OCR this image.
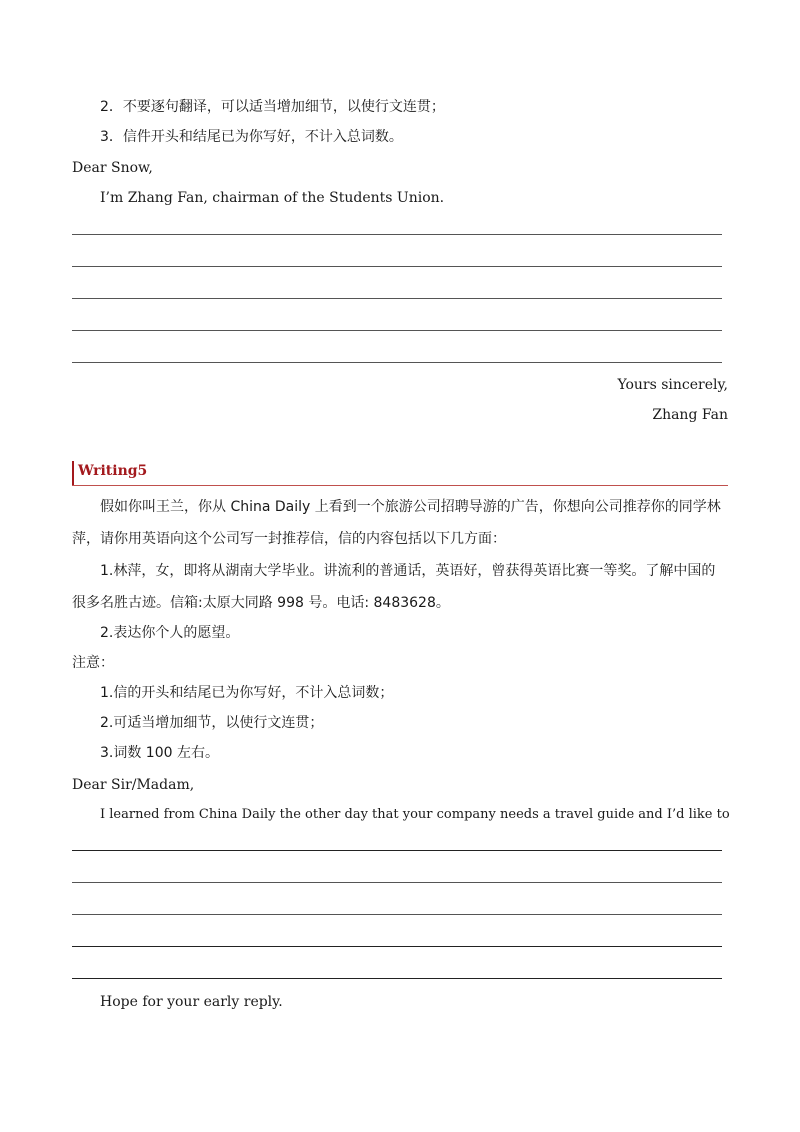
2．不要逐句翻译，可以适当增加细节，以使行文连贯；
3．信件开头和结尾已为你写好，不计入总词数。
Dear Snow,
I’m Zhang Fan, chairman of the Students Union.
Yours sincerely,
Zhang Fan
Writing5
假如你叫王兰，你从 China Daily 上看到一个旅游公司招聘导游的广告，你想向公司推荐你的同学林
萍，请你用英语向这个公司写一封推荐信，信的内容包括以下几方面：
1.林萍，女，即将从湖南大学毕业。讲流利的普通话，英语好，曾获得英语比赛一等奖。了解中国的
很多名胜古迹。信箱:太原大同路 998 号。电话: 8483628。
2.表达你个人的愿望。
注意：
1.信的开头和结尾已为你写好，不计入总词数；
2.可适当增加细节，以使行文连贯；
3.词数 100 左右。
Dear Sir/Madam,
I learned from China Daily the other day that your company needs a travel guide and I’d like to
Hope for your early reply.
